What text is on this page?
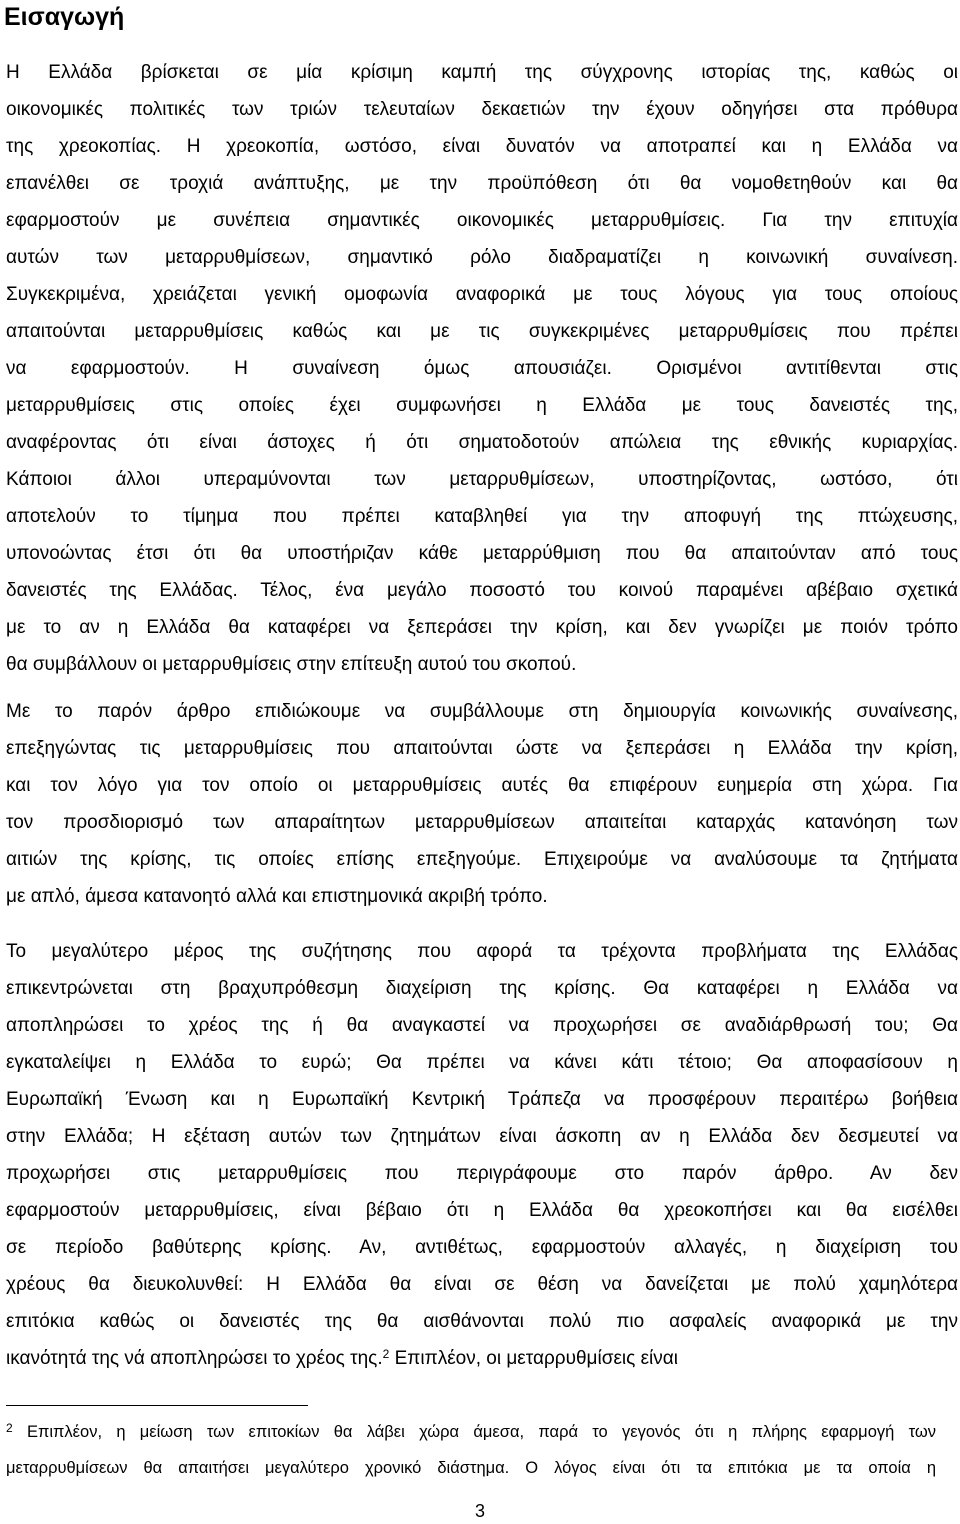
Εισαγωγή
Η Ελλάδα βρίσκεται σε μία κρίσιμη καμπή της σύγχρονης ιστορίας της, καθώς οι
οικονομικές πολιτικές των τριών τελευταίων δεκαετιών την έχουν οδηγήσει στα πρόθυρα
της χρεοκοπίας. Η χρεοκοπία, ωστόσο, είναι δυνατόν να αποτραπεί και η Ελλάδα να
επανέλθει σε τροχιά ανάπτυξης, με την προϋπόθεση ότι θα νομοθετηθούν και θα
εφαρμοστούν με συνέπεια σημαντικές οικονομικές μεταρρυθμίσεις. Για την επιτυχία
αυτών των μεταρρυθμίσεων, σημαντικό ρόλο διαδραματίζει η κοινωνική συναίνεση.
Συγκεκριμένα, χρειάζεται γενική ομοφωνία αναφορικά με τους λόγους για τους οποίους
απαιτούνται μεταρρυθμίσεις καθώς και με τις συγκεκριμένες μεταρρυθμίσεις που πρέπει
να εφαρμοστούν. Η συναίνεση όμως απουσιάζει. Ορισμένοι αντιτίθενται στις
μεταρρυθμίσεις στις οποίες έχει συμφωνήσει η Ελλάδα με τους δανειστές της,
αναφέροντας ότι είναι άστοχες ή ότι σηματοδοτούν απώλεια της εθνικής κυριαρχίας.
Κάποιοι άλλοι υπεραμύνονται των μεταρρυθμίσεων, υποστηρίζοντας, ωστόσο, ότι
αποτελούν το τίμημα που πρέπει καταβληθεί για την αποφυγή της πτώχευσης,
υπονοώντας έτσι ότι θα υποστήριζαν κάθε μεταρρύθμιση που θα απαιτούνταν από τους
δανειστές της Ελλάδας. Τέλος, ένα μεγάλο ποσοστό του κοινού παραμένει αβέβαιο σχετικά
με το αν η Ελλάδα θα καταφέρει να ξεπεράσει την κρίση, και δεν γνωρίζει με ποιόν τρόπο
θα συμβάλλουν οι μεταρρυθμίσεις στην επίτευξη αυτού του σκοπού.
Με το παρόν άρθρο επιδιώκουμε να συμβάλλουμε στη δημιουργία κοινωνικής συναίνεσης,
επεξηγώντας τις μεταρρυθμίσεις που απαιτούνται ώστε να ξεπεράσει η Ελλάδα την κρίση,
και τον λόγο για τον οποίο οι μεταρρυθμίσεις αυτές θα επιφέρουν ευημερία στη χώρα. Για
τον προσδιορισμό των απαραίτητων μεταρρυθμίσεων απαιτείται καταρχάς κατανόηση των
αιτιών της κρίσης, τις οποίες επίσης επεξηγούμε. Επιχειρούμε να αναλύσουμε τα ζητήματα
με απλό, άμεσα κατανοητό αλλά και επιστημονικά ακριβή τρόπο.
Το μεγαλύτερο μέρος της συζήτησης που αφορά τα τρέχοντα προβλήματα της Ελλάδας
επικεντρώνεται στη βραχυπρόθεσμη διαχείριση της κρίσης. Θα καταφέρει η Ελλάδα να
αποπληρώσει το χρέος της ή θα αναγκαστεί να προχωρήσει σε αναδιάρθρωσή του; Θα
εγκαταλείψει η Ελλάδα το ευρώ; Θα πρέπει να κάνει κάτι τέτοιο; Θα αποφασίσουν η
Ευρωπαϊκή Ένωση και η Ευρωπαϊκή Κεντρική Τράπεζα να προσφέρουν περαιτέρω βοήθεια
στην Ελλάδα; Η εξέταση αυτών των ζητημάτων είναι άσκοπη αν η Ελλάδα δεν δεσμευτεί να
προχωρήσει στις μεταρρυθμίσεις που περιγράφουμε στο παρόν άρθρο. Αν δεν
εφαρμοστούν μεταρρυθμίσεις, είναι βέβαιο ότι η Ελλάδα θα χρεοκοπήσει και θα εισέλθει
σε περίοδο βαθύτερης κρίσης. Αν, αντιθέτως, εφαρμοστούν αλλαγές, η διαχείριση του
χρέους θα διευκολυνθεί: Η Ελλάδα θα είναι σε θέση να δανείζεται με πολύ χαμηλότερα
επιτόκια καθώς οι δανειστές της θα αισθάνονται πολύ πιο ασφαλείς αναφορικά με την
ικανότητά της νά αποπληρώσει το χρέος της.$^2$ Επιπλέον, οι μεταρρυθμίσεις είναι
$^2$ Επιπλέον, η μείωση των επιτοκίων θα λάβει χώρα άμεσα, παρά το γεγονός ότι η πλήρης εφαρμογή των
μεταρρυθμίσεων θα απαιτήσει μεγαλύτερο χρονικό διάστημα. Ο λόγος είναι ότι τα επιτόκια με τα οποία η
3
